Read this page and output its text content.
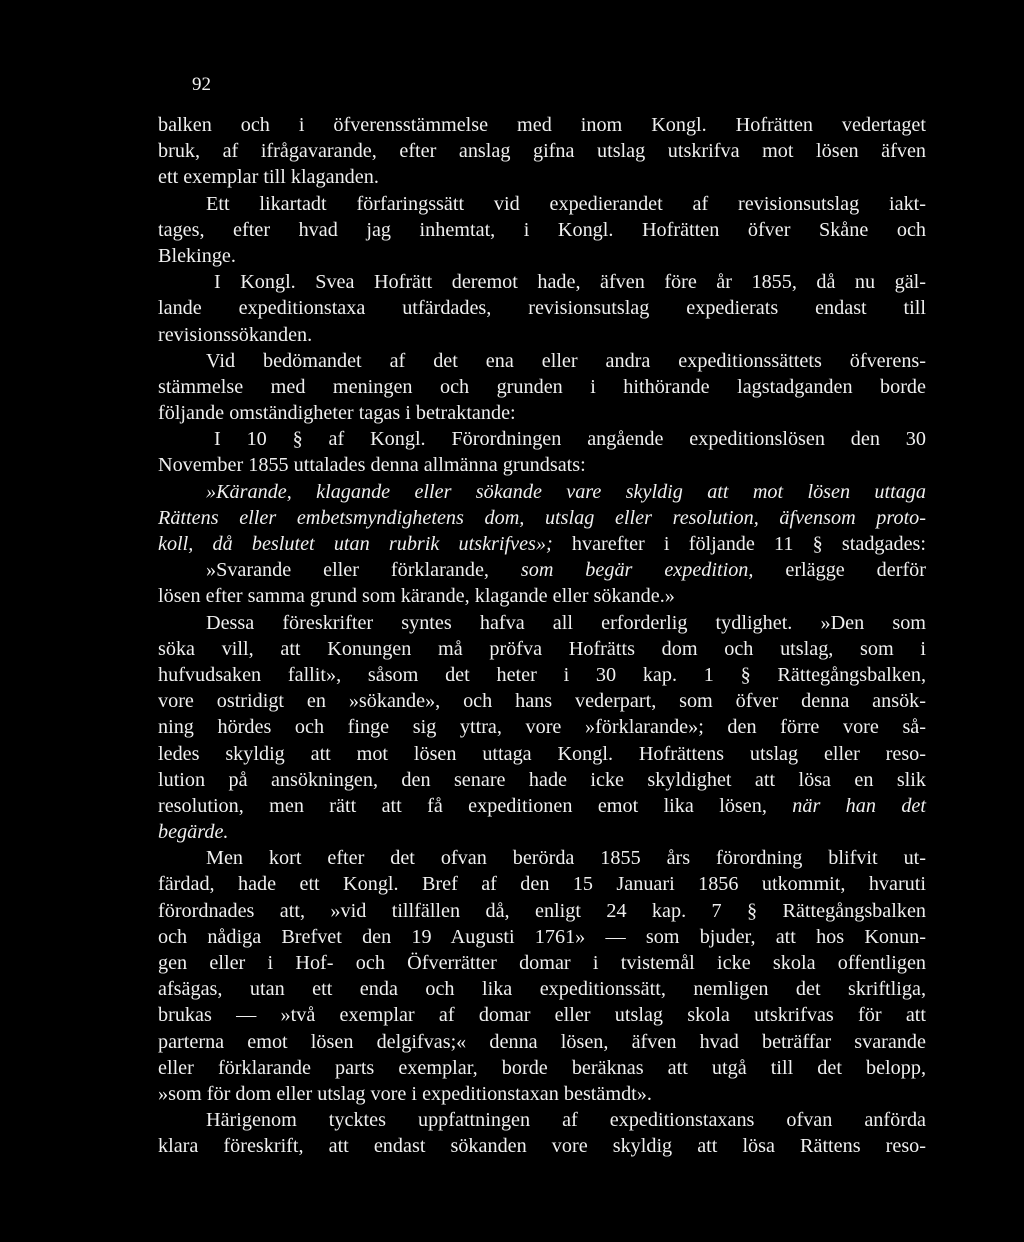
92
balken och i öfverensstämmelse med inom Kongl. Hofrätten vedertaget
bruk, af ifrågavarande, efter anslag gifna utslag utskrifva mot lösen äfven
ett exemplar till klaganden.
Ett likartadt förfaringssätt vid expedierandet af revisionsutslag iakt-
tages, efter hvad jag inhemtat, i Kongl. Hofrätten öfver Skåne och
Blekinge.
I Kongl. Svea Hofrätt deremot hade, äfven före år 1855, då nu gäl-
lande expeditionstaxa utfärdades, revisionsutslag expedierats endast till
revisionssökanden.
Vid bedömandet af det ena eller andra expeditionssättets öfverens-
stämmelse med meningen och grunden i hithörande lagstadganden borde
följande omständigheter tagas i betraktande:
I 10 § af Kongl. Förordningen angående expeditionslösen den 30
November 1855 uttalades denna allmänna grundsats:
»Kärande, klagande eller sökande vare skyldig att mot lösen uttaga
Rättens eller embetsmyndighetens dom, utslag eller resolution, äfvensom proto-
koll, då beslutet utan rubrik utskrifves»; hvarefter i följande 11 § stadgades:
»Svarande eller förklarande, som begär expedition, erlägge derför
lösen efter samma grund som kärande, klagande eller sökande.»
Dessa föreskrifter syntes hafva all erforderlig tydlighet. »Den som
söka vill, att Konungen må pröfva Hofrätts dom och utslag, som i
hufvudsaken fallit», såsom det heter i 30 kap. 1 § Rättegångsbalken,
vore ostridigt en »sökande», och hans vederpart, som öfver denna ansök-
ning hördes och finge sig yttra, vore »förklarande»; den förre vore så-
ledes skyldig att mot lösen uttaga Kongl. Hofrättens utslag eller reso-
lution på ansökningen, den senare hade icke skyldighet att lösa en slik
resolution, men rätt att få expeditionen emot lika lösen, när han det
begärde.
Men kort efter det ofvan berörda 1855 års förordning blifvit ut-
färdad, hade ett Kongl. Bref af den 15 Januari 1856 utkommit, hvaruti
förordnades att, »vid tillfällen då, enligt 24 kap. 7 § Rättegångsbalken
och nådiga Brefvet den 19 Augusti 1761» — som bjuder, att hos Konun-
gen eller i Hof- och Öfverrätter domar i tvistemål icke skola offentligen
afsägas, utan ett enda och lika expeditionssätt, nemligen det skriftliga,
brukas — »två exemplar af domar eller utslag skola utskrifvas för att
parterna emot lösen delgifvas;« denna lösen, äfven hvad beträffar svarande
eller förklarande parts exemplar, borde beräknas att utgå till det belopp,
»som för dom eller utslag vore i expeditionstaxan bestämdt».
Härigenom tycktes uppfattningen af expeditionstaxans ofvan anförda
klara föreskrift, att endast sökanden vore skyldig att lösa Rättens reso-
